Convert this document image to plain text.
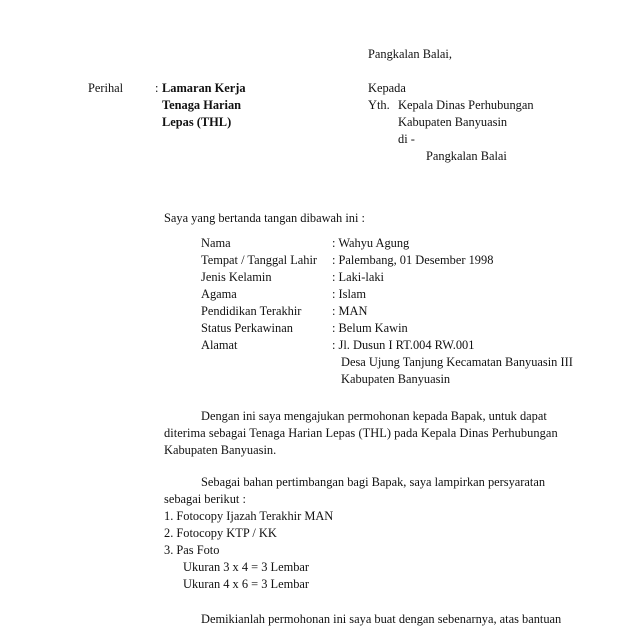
Pangkalan Balai,
Perihal	: Lamaran Kerja
Tenaga Harian
Lepas (THL)
Kepada
Yth. Kepala Dinas Perhubungan
Kabupaten Banyuasin
di -
Pangkalan Balai
Saya yang bertanda tangan dibawah ini :
Nama	: Wahyu Agung
Tempat / Tanggal Lahir : Palembang, 01 Desember 1998
Jenis Kelamin	: Laki-laki
Agama	: Islam
Pendidikan Terakhir : MAN
Status Perkawinan	: Belum Kawin
Alamat	: Jl. Dusun I RT.004 RW.001
Desa Ujung Tanjung Kecamatan Banyuasin III
Kabupaten Banyuasin
Dengan ini saya mengajukan permohonan kepada Bapak, untuk dapat
diterima sebagai Tenaga Harian Lepas (THL) pada Kepala Dinas Perhubungan
Kabupaten Banyuasin.
Sebagai bahan pertimbangan bagi Bapak, saya lampirkan persyaratan
sebagai berikut :
1. Fotocopy Ijazah Terakhir MAN
2. Fotocopy KTP / KK
3. Pas Foto
Ukuran 3 x 4 = 3 Lembar
Ukuran 4 x 6 = 3 Lembar
Demikianlah permohonan ini saya buat dengan sebenarnya, atas bantuan
